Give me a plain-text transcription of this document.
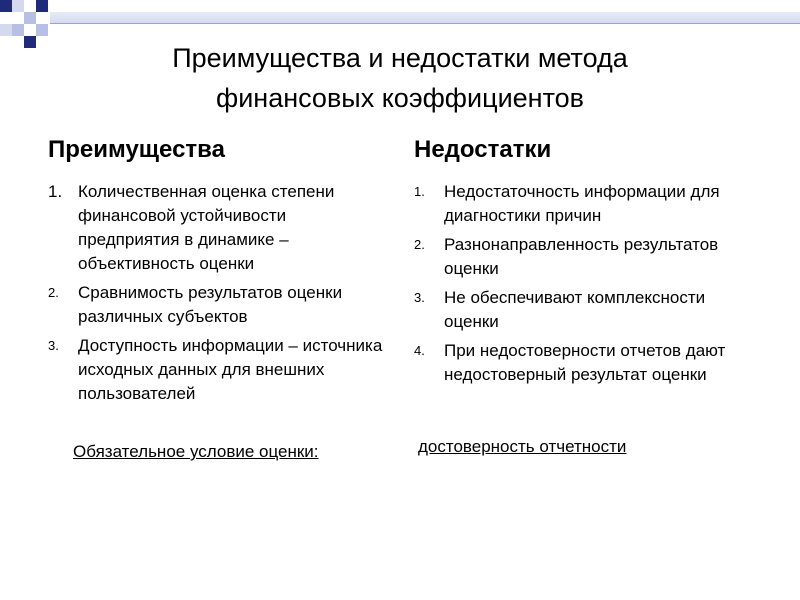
Преимущества и недостатки метода
финансовых коэффициентов
Преимущества
1. Количественная оценка степени финансовой устойчивости предприятия в динамике – объективность оценки
2. Сравнимость результатов оценки различных субъектов
3. Доступность информации – источника исходных данных для внешних пользователей

Обязательное условие оценки:

Недостатки
1. Недостаточность информации для диагностики причин
2. Разнонаправленность результатов оценки
3. Не обеспечивают комплексности оценки
4. При недостоверности отчетов дают недостоверный результат оценки

достоверность отчетности
